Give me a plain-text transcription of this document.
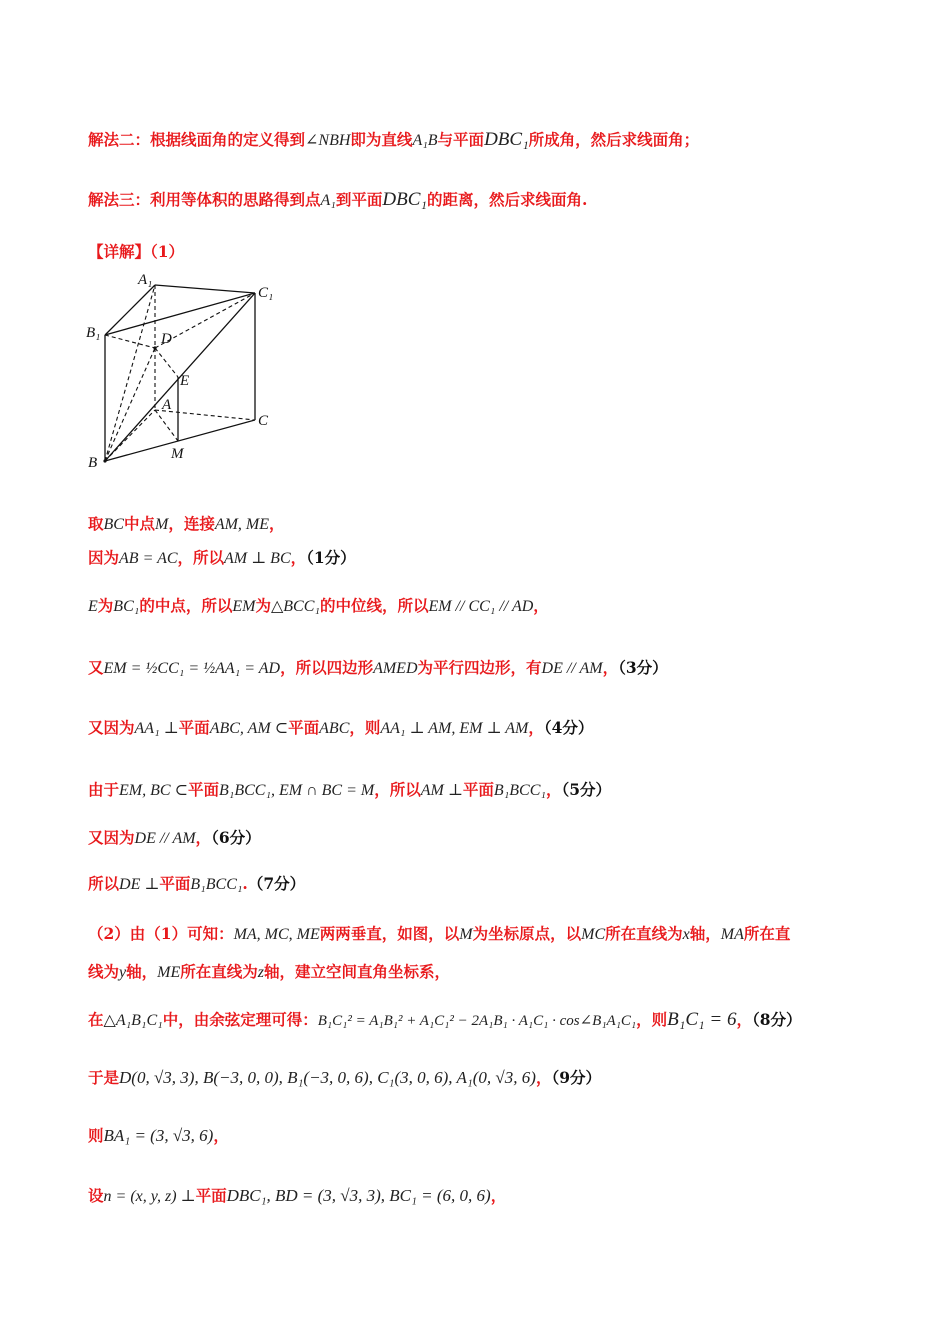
解法二：根据线面角的定义得到∠NBH即为直线A₁B与平面DBC₁所成角，然后求线面角；
解法三：利用等体积的思路得到点A₁到平面DBC₁的距离，然后求线面角.
【详解】（1）
A₁
C₁
B₁	D
E
A
C
B
M
取BC中点M，连接AM, ME，
因为AB = AC，所以AM ⊥ BC，（1分）
E为BC₁的中点，所以EM为△BCC₁的中位线，所以EM // CC₁ // AD，
又EM = ½CC₁ = ½AA₁ = AD，所以四边形AMED为平行四边形，有DE // AM，（3分）
又因为AA₁ ⊥平面ABC, AM ⊂平面ABC，则AA₁ ⊥ AM, EM ⊥ AM，（4分）
由于EM, BC ⊂平面B₁BCC₁, EM ∩ BC = M，所以AM ⊥平面B₁BCC₁，（5分）
又因为DE // AM，（6分）
所以DE ⊥平面B₁BCC₁.（7分）
（2）由（1）可知：MA, MC, ME两两垂直，如图，以M为坐标原点，以MC所在直线为x轴，MA所在直
线为y轴，ME所在直线为z轴，建立空间直角坐标系，
在△A₁B₁C₁中，由余弦定理可得：B₁C₁² = A₁B₁² + A₁C₁² − 2A₁B₁ · A₁C₁ · cos∠B₁A₁C₁，则B₁C₁ = 6，（8分）
于是D(0, √3, 3), B(−3, 0, 0), B₁(−3, 0, 6), C₁(3, 0, 6), A₁(0, √3, 6)，（9分）
则BA₁ = (3, √3, 6)，
设n = (x, y, z) ⊥平面DBC₁, BD = (3, √3, 3), BC₁ = (6, 0, 6)，
